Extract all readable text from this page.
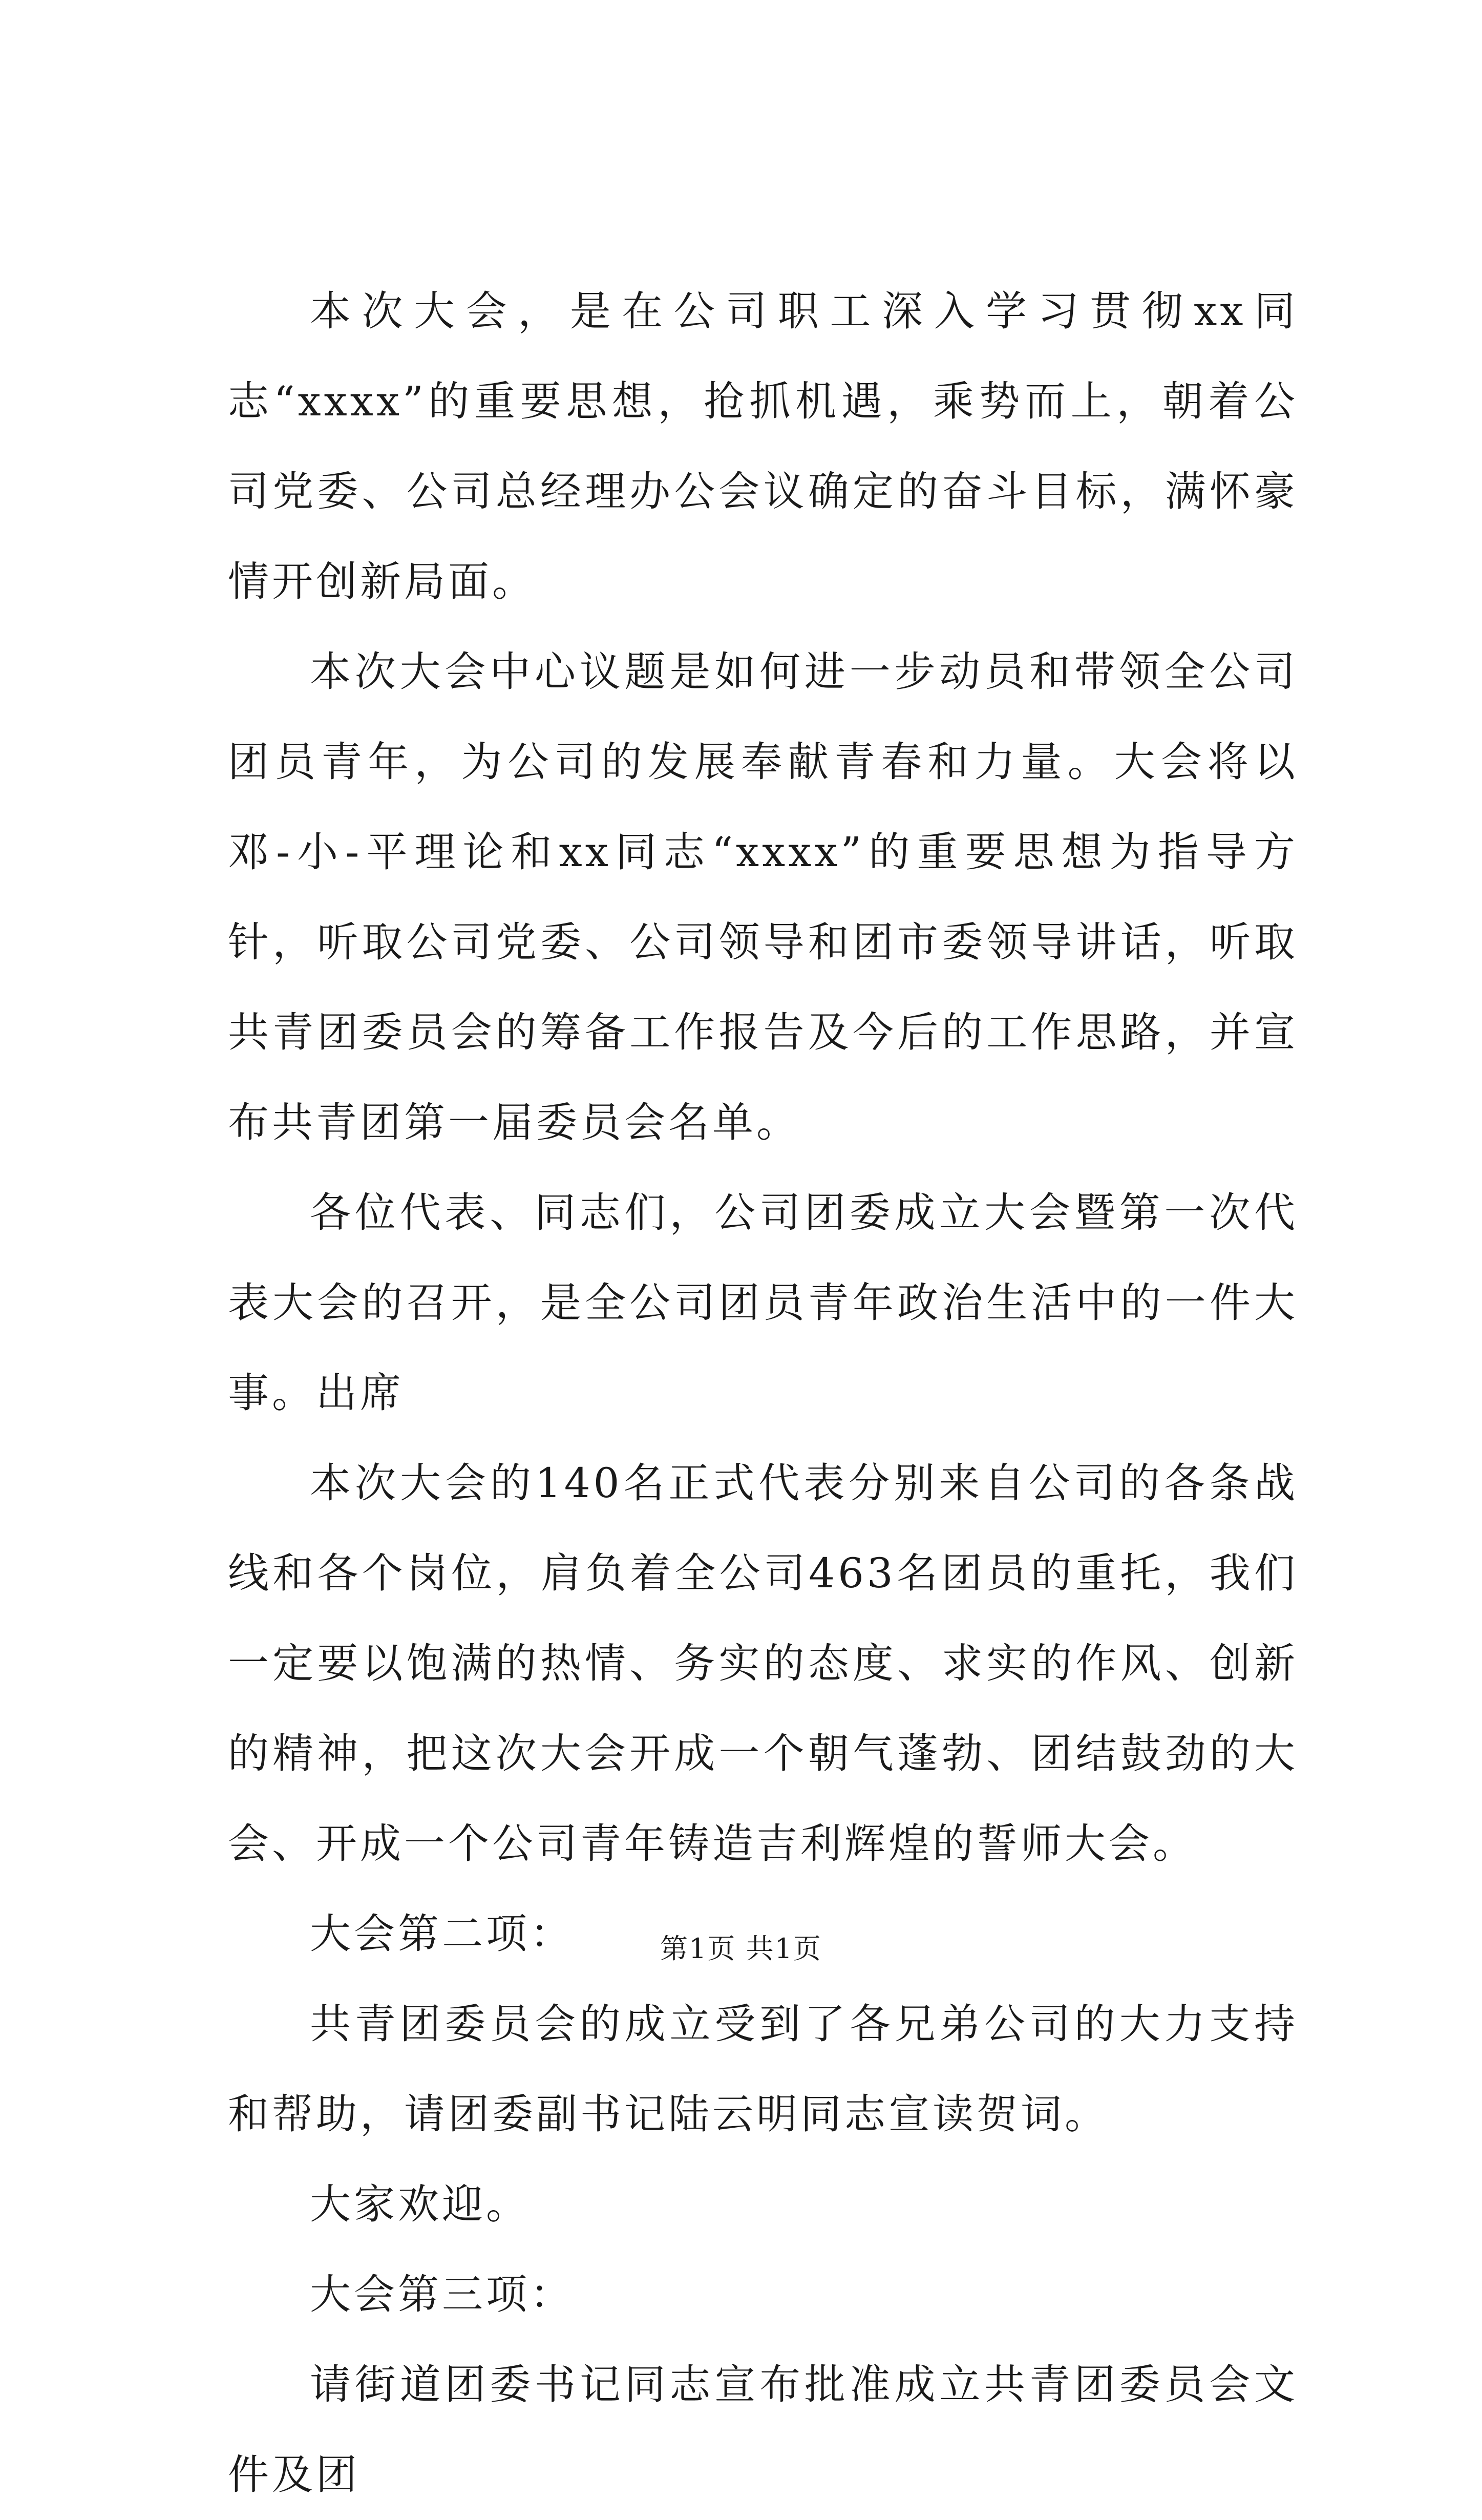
本次大会，是在公司职工深入学习贯彻xx同志“xxxx”的重要思想，抢抓机遇，乘势而上，朝着公司党委、公司总经理办公会议确定的奋斗目标，满怀豪情开创新局面。

本次大会中心议题是如何进一步动员和带领全公司团员青年，为公司的发展奉献青春和力量。大会将以邓-小-平理论和xx同志“xxxx”的重要思想为指导方针，听取公司党委、公司领导和团市委领导讲话，听取共青团委员会的筹备工作报告及今后的工作思路，并宣布共青团第一届委员会名单。

各位代表、同志们，公司团委成立大会暨第一次代表大会的召开，是全公司团员青年政治生活中的一件大事。出席

本次大会的140名正式代表分别来自公司的各条战线和各个岗位，肩负着全公司463名团员的重托，我们一定要以饱满的热情、务实的态度、求实的作风、创新的精神，把这次大会开成一个朝气蓬勃、团结鼓劲的大会、开成一个公司青年铸造吉利辉煌的誓师大会。

大会第二项：

共青团委员会的成立受到了各兄弟公司的大力支持和帮助，请团委副书记陆云明同志宣读贺词。

大家欢迎。

大会第三项：

请街道团委书记同志宣布批准成立共青团委员会文件及团

第1页 共1页
